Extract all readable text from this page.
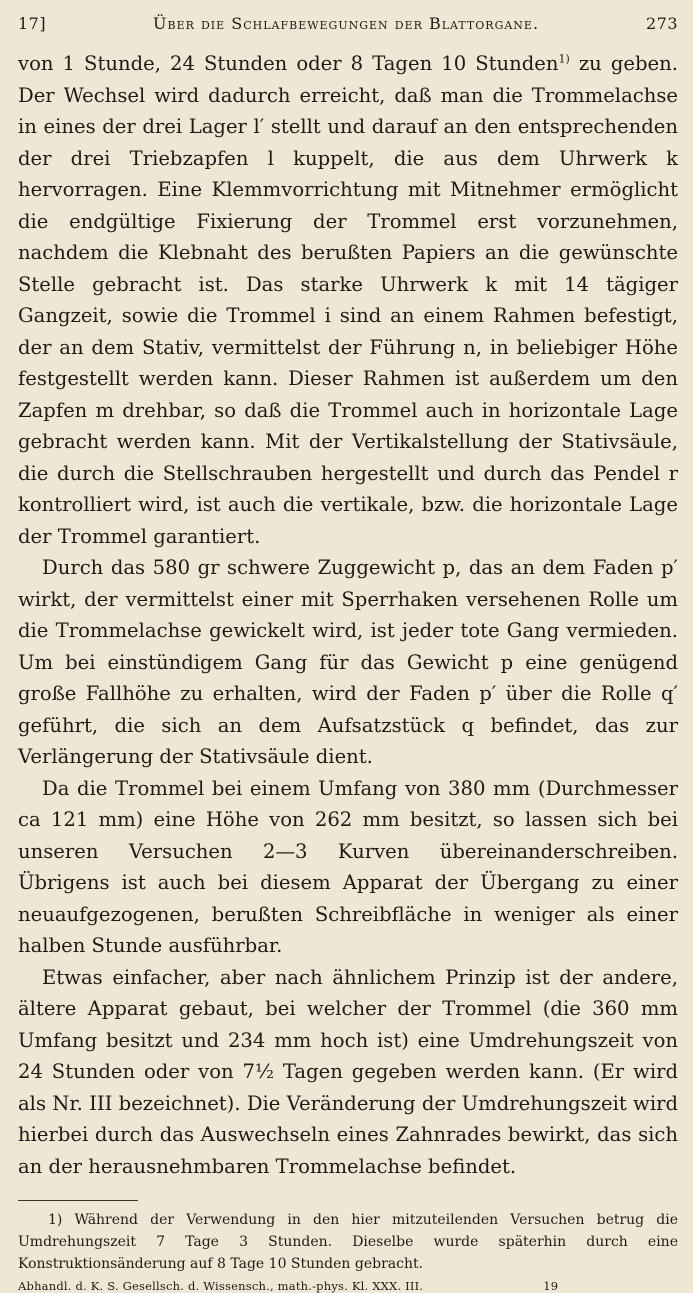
17]	Über die Schlafbewegungen der Blattorgane.	273

von 1 Stunde, 24 Stunden oder 8 Tagen 10 Stunden$^{1)}$ zu geben. Der Wechsel wird dadurch erreicht, daß man die Trommelachse in eines der drei Lager l′ stellt und darauf an den entsprechenden der drei Triebzapfen l kuppelt, die aus dem Uhrwerk k hervorragen. Eine Klemmvorrichtung mit Mitnehmer ermöglicht die endgültige Fixierung der Trommel erst vorzunehmen, nachdem die Klebnaht des berußten Papiers an die gewünschte Stelle gebracht ist. Das starke Uhrwerk k mit 14 tägiger Gangzeit, sowie die Trommel i sind an einem Rahmen befestigt, der an dem Stativ, vermittelst der Führung n, in beliebiger Höhe festgestellt werden kann. Dieser Rahmen ist außerdem um den Zapfen m drehbar, so daß die Trommel auch in horizontale Lage gebracht werden kann. Mit der Vertikalstellung der Stativsäule, die durch die Stellschrauben hergestellt und durch das Pendel r kontrolliert wird, ist auch die vertikale, bzw. die horizontale Lage der Trommel garantiert.

Durch das 580 gr schwere Zuggewicht p, das an dem Faden p′ wirkt, der vermittelst einer mit Sperrhaken versehenen Rolle um die Trommelachse gewickelt wird, ist jeder tote Gang vermieden. Um bei einstündigem Gang für das Gewicht p eine genügend große Fallhöhe zu erhalten, wird der Faden p′ über die Rolle q′ geführt, die sich an dem Aufsatzstück q befindet, das zur Verlängerung der Stativsäule dient.

Da die Trommel bei einem Umfang von 380 mm (Durchmesser ca 121 mm) eine Höhe von 262 mm besitzt, so lassen sich bei unseren Versuchen 2—3 Kurven übereinanderschreiben. Übrigens ist auch bei diesem Apparat der Übergang zu einer neuaufgezogenen, berußten Schreibfläche in weniger als einer halben Stunde ausführbar.

Etwas einfacher, aber nach ähnlichem Prinzip ist der andere, ältere Apparat gebaut, bei welcher der Trommel (die 360 mm Umfang besitzt und 234 mm hoch ist) eine Umdrehungszeit von 24 Stunden oder von 7½ Tagen gegeben werden kann. (Er wird als Nr. III bezeichnet). Die Veränderung der Umdrehungszeit wird hierbei durch das Auswechseln eines Zahnrades bewirkt, das sich an der herausnehmbaren Trommelachse befindet.

1) Während der Verwendung in den hier mitzuteilenden Versuchen betrug die Umdrehungszeit 7 Tage 3 Stunden. Dieselbe wurde späterhin durch eine Konstruktionsänderung auf 8 Tage 10 Stunden gebracht.
Abhandl. d. K. S. Gesellsch. d. Wissensch., math.-phys. Kl. XXX. III.	19
